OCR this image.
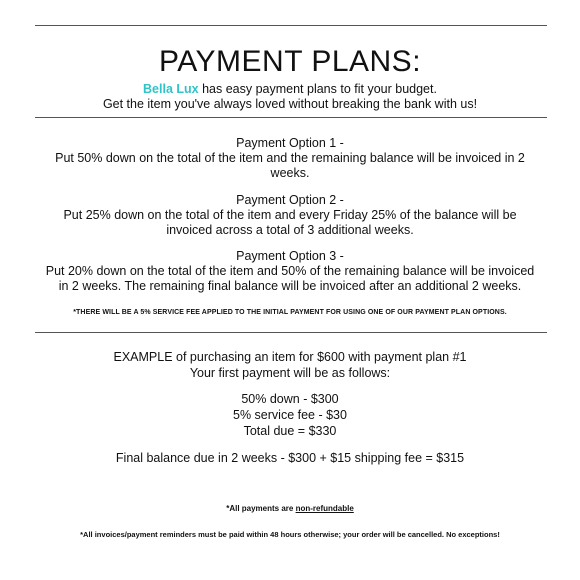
PAYMENT PLANS:

Bella Lux has easy payment plans to fit your budget.
Get the item you've always loved without breaking the bank with us!

Payment Option 1 -
Put 50% down on the total of the item and the remaining balance will be invoiced in 2 weeks.

Payment Option 2 -
Put 25% down on the total of the item and every Friday 25% of the balance will be invoiced across a total of 3 additional weeks.

Payment Option 3 -
Put 20% down on the total of the item and 50% of the remaining balance will be invoiced in 2 weeks. The remaining final balance will be invoiced after an additional 2 weeks.

*THERE WILL BE A 5% SERVICE FEE APPLIED TO THE INITIAL PAYMENT FOR USING ONE OF OUR PAYMENT PLAN OPTIONS.

EXAMPLE of purchasing an item for $600 with payment plan #1
Your first payment will be as follows:

50% down - $300
5% service fee - $30
Total due = $330

Final balance due in 2 weeks - $300 + $15 shipping fee = $315

*All payments are non-refundable

*All invoices/payment reminders must be paid within 48 hours otherwise; your order will be cancelled. No exceptions!
